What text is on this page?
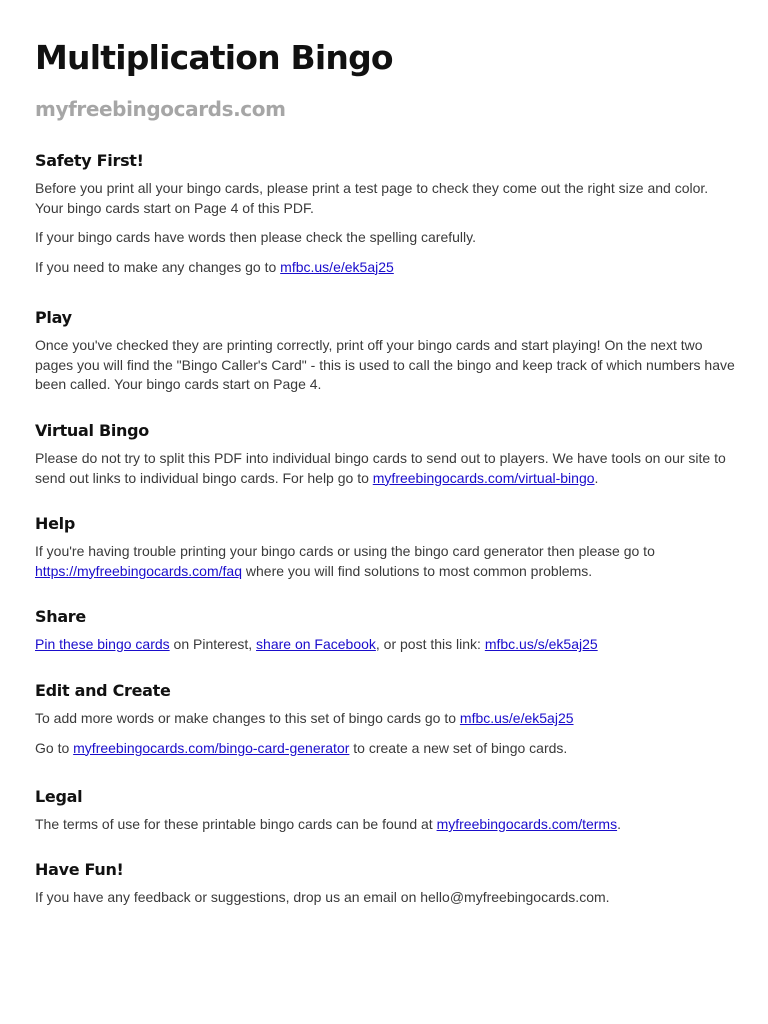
Multiplication Bingo
myfreebingocards.com
Safety First!

Before you print all your bingo cards, please print a test page to check they come out the right size and color. Your bingo cards start on Page 4 of this PDF.

If your bingo cards have words then please check the spelling carefully.

If you need to make any changes go to mfbc.us/e/ek5aj25

Play

Once you've checked they are printing correctly, print off your bingo cards and start playing! On the next two pages you will find the "Bingo Caller's Card" - this is used to call the bingo and keep track of which numbers have been called. Your bingo cards start on Page 4.

Virtual Bingo

Please do not try to split this PDF into individual bingo cards to send out to players. We have tools on our site to send out links to individual bingo cards. For help go to myfreebingocards.com/virtual-bingo.

Help

If you're having trouble printing your bingo cards or using the bingo card generator then please go to https://myfreebingocards.com/faq where you will find solutions to most common problems.

Share

Pin these bingo cards on Pinterest, share on Facebook, or post this link: mfbc.us/s/ek5aj25

Edit and Create

To add more words or make changes to this set of bingo cards go to mfbc.us/e/ek5aj25

Go to myfreebingocards.com/bingo-card-generator to create a new set of bingo cards.

Legal

The terms of use for these printable bingo cards can be found at myfreebingocards.com/terms.

Have Fun!

If you have any feedback or suggestions, drop us an email on hello@myfreebingocards.com.
